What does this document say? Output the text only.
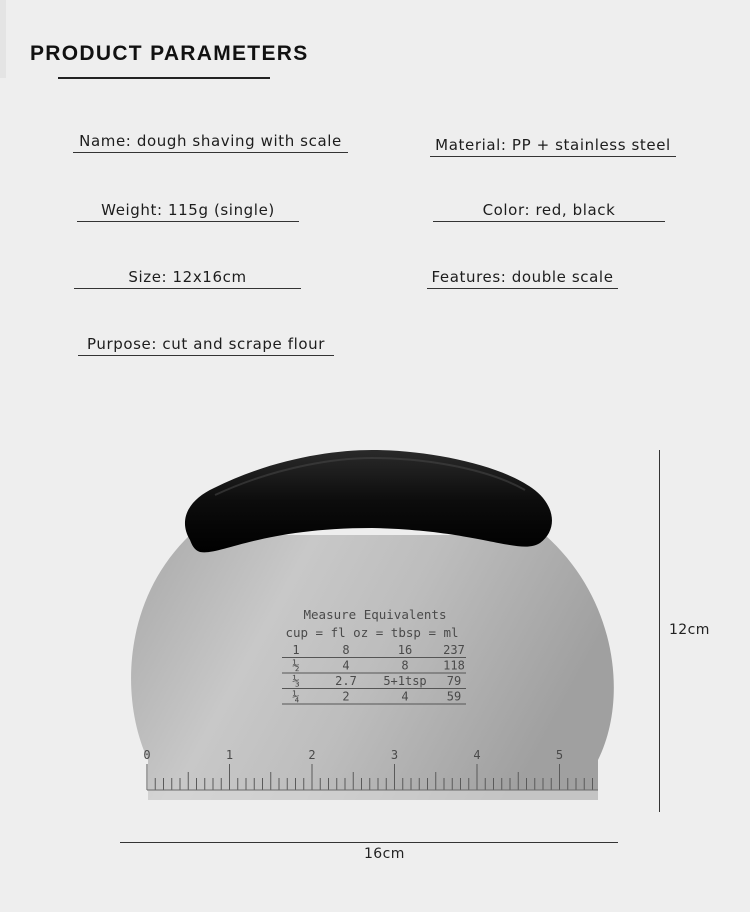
PRODUCT PARAMETERS
Name: dough shaving with scale	Material: PP + stainless steel
Weight: 115g (single)	Color: red, black
Size: 12x16cm	Features: double scale
Purpose: cut and scrape flour
Measure Equivalents
cup = fl oz = tbsp = ml
1	8	16	237
½	4	8	118
⅓	2.7 5+1tsp 79
¼	2	4	59
0	1	2	3	4	5
12cm
16cm
